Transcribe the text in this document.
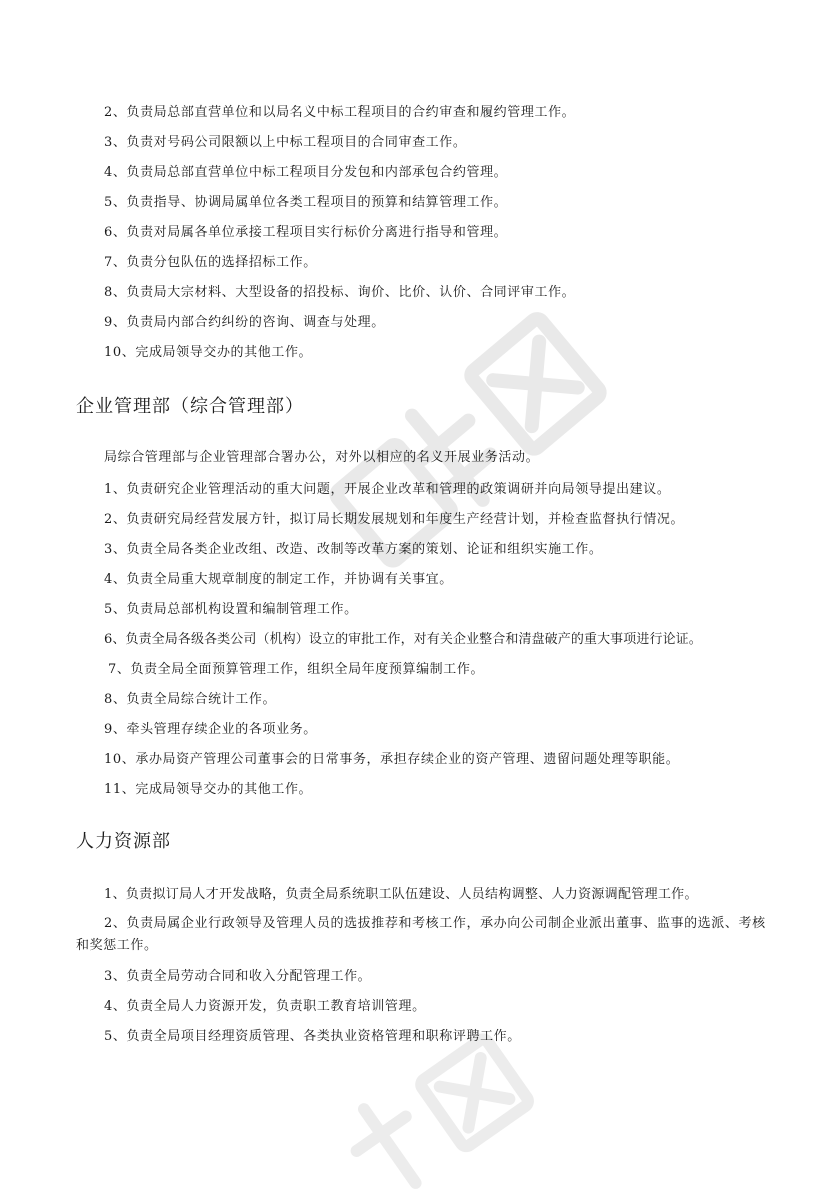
2、负责局总部直营单位和以局名义中标工程项目的合约审查和履约管理工作。
3、负责对号码公司限额以上中标工程项目的合同审查工作。
4、负责局总部直营单位中标工程项目分发包和内部承包合约管理。
5、负责指导、协调局属单位各类工程项目的预算和结算管理工作。
6、负责对局属各单位承接工程项目实行标价分离进行指导和管理。
7、负责分包队伍的选择招标工作。
8、负责局大宗材料、大型设备的招投标、询价、比价、认价、合同评审工作。
9、负责局内部合约纠纷的咨询、调查与处理。
10、完成局领导交办的其他工作。
企业管理部（综合管理部）
局综合管理部与企业管理部合署办公，对外以相应的名义开展业务活动。
1、负责研究企业管理活动的重大问题，开展企业改革和管理的政策调研并向局领导提出建议。
2、负责研究局经营发展方针，拟订局长期发展规划和年度生产经营计划，并检查监督执行情况。
3、负责全局各类企业改组、改造、改制等改革方案的策划、论证和组织实施工作。
4、负责全局重大规章制度的制定工作，并协调有关事宜。
5、负责局总部机构设置和编制管理工作。
6、负责全局各级各类公司（机构）设立的审批工作，对有关企业整合和清盘破产的重大事项进行论证。
7、负责全局全面预算管理工作，组织全局年度预算编制工作。
8、负责全局综合统计工作。
9、牵头管理存续企业的各项业务。
10、承办局资产管理公司董事会的日常事务，承担存续企业的资产管理、遗留问题处理等职能。
11、完成局领导交办的其他工作。
人力资源部
1、负责拟订局人才开发战略，负责全局系统职工队伍建设、人员结构调整、人力资源调配管理工作。
2、负责局属企业行政领导及管理人员的选拔推荐和考核工作，承办向公司制企业派出董事、监事的选派、考核和奖惩工作。
3、负责全局劳动合同和收入分配管理工作。
4、负责全局人力资源开发，负责职工教育培训管理。
5、负责全局项目经理资质管理、各类执业资格管理和职称评聘工作。
